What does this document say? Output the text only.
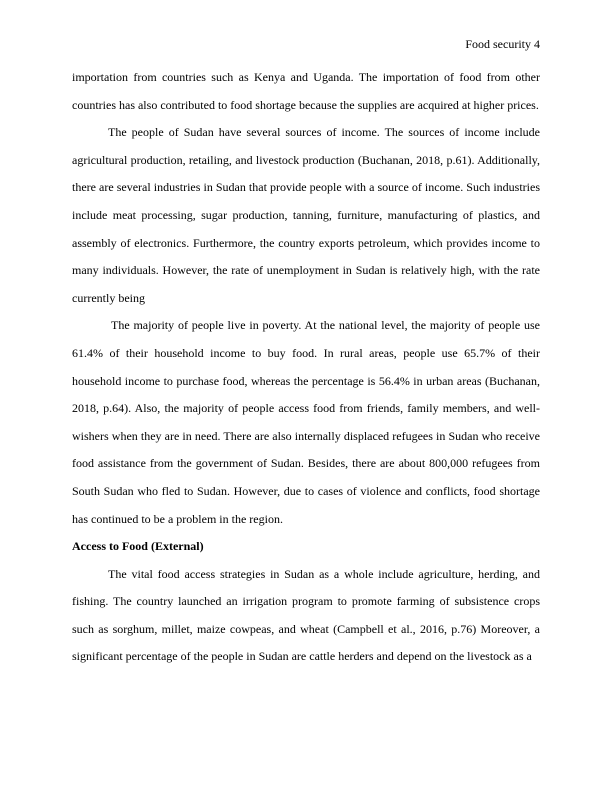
Food security 4

importation from countries such as Kenya and Uganda. The importation of food from other countries has also contributed to food shortage because the supplies are acquired at higher prices.

The people of Sudan have several sources of income. The sources of income include agricultural production, retailing, and livestock production (Buchanan, 2018, p.61). Additionally, there are several industries in Sudan that provide people with a source of income. Such industries include meat processing, sugar production, tanning, furniture, manufacturing of plastics, and assembly of electronics. Furthermore, the country exports petroleum, which provides income to many individuals. However, the rate of unemployment in Sudan is relatively high, with the rate currently being

The majority of people live in poverty. At the national level, the majority of people use 61.4% of their household income to buy food. In rural areas, people use 65.7% of their household income to purchase food, whereas the percentage is 56.4% in urban areas (Buchanan, 2018, p.64). Also, the majority of people access food from friends, family members, and well-wishers when they are in need. There are also internally displaced refugees in Sudan who receive food assistance from the government of Sudan. Besides, there are about 800,000 refugees from South Sudan who fled to Sudan. However, due to cases of violence and conflicts, food shortage has continued to be a problem in the region.

Access to Food (External)

The vital food access strategies in Sudan as a whole include agriculture, herding, and fishing. The country launched an irrigation program to promote farming of subsistence crops such as sorghum, millet, maize cowpeas, and wheat (Campbell et al., 2016, p.76) Moreover, a significant percentage of the people in Sudan are cattle herders and depend on the livestock as a
